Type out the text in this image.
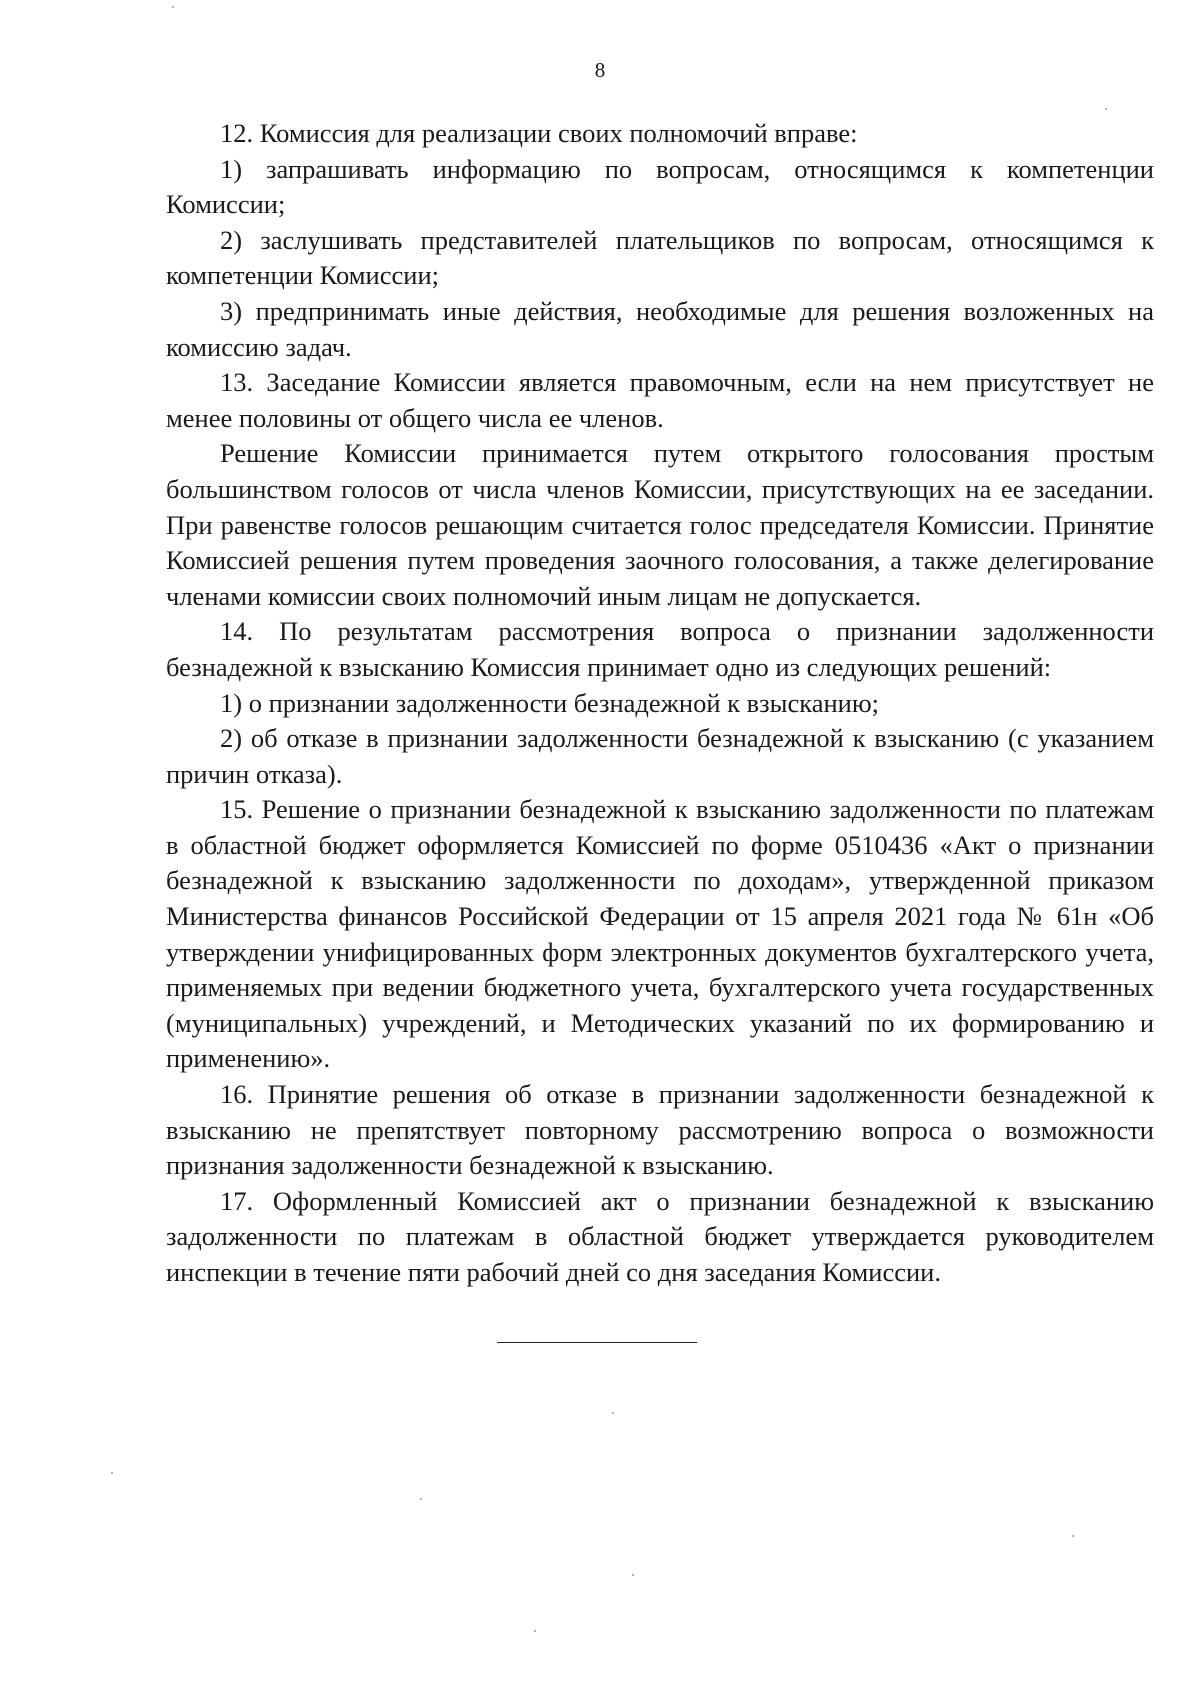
8

12. Комиссия для реализации своих полномочий вправе:

1) запрашивать информацию по вопросам, относящимся к компетенции Комиссии;

2) заслушивать представителей плательщиков по вопросам, относящимся к компетенции Комиссии;

3) предпринимать иные действия, необходимые для решения возложенных на комиссию задач.

13. Заседание Комиссии является правомочным, если на нем присутствует не менее половины от общего числа ее членов.

Решение Комиссии принимается путем открытого голосования простым большинством голосов от числа членов Комиссии, присутствующих на ее заседании. При равенстве голосов решающим считается голос председателя Комиссии. Принятие Комиссией решения путем проведения заочного голосования, а также делегирование членами комиссии своих полномочий иным лицам не допускается.

14. По результатам рассмотрения вопроса о признании задолженности безнадежной к взысканию Комиссия принимает одно из следующих решений:

1) о признании задолженности безнадежной к взысканию;

2) об отказе в признании задолженности безнадежной к взысканию (с указанием причин отказа).

15. Решение о признании безнадежной к взысканию задолженности по платежам в областной бюджет оформляется Комиссией по форме 0510436 «Акт о признании безнадежной к взысканию задолженности по доходам», утвержденной приказом Министерства финансов Российской Федерации от 15 апреля 2021 года № 61н «Об утверждении унифицированных форм электронных документов бухгалтерского учета, применяемых при ведении бюджетного учета, бухгалтерского учета государственных (муниципальных) учреждений, и Методических указаний по их формированию и применению».

16. Принятие решения об отказе в признании задолженности безнадежной к взысканию не препятствует повторному рассмотрению вопроса о возможности признания задолженности безнадежной к взысканию.

17. Оформленный Комиссией акт о признании безнадежной к взысканию задолженности по платежам в областной бюджет утверждается руководителем инспекции в течение пяти рабочий дней со дня заседания Комиссии.
